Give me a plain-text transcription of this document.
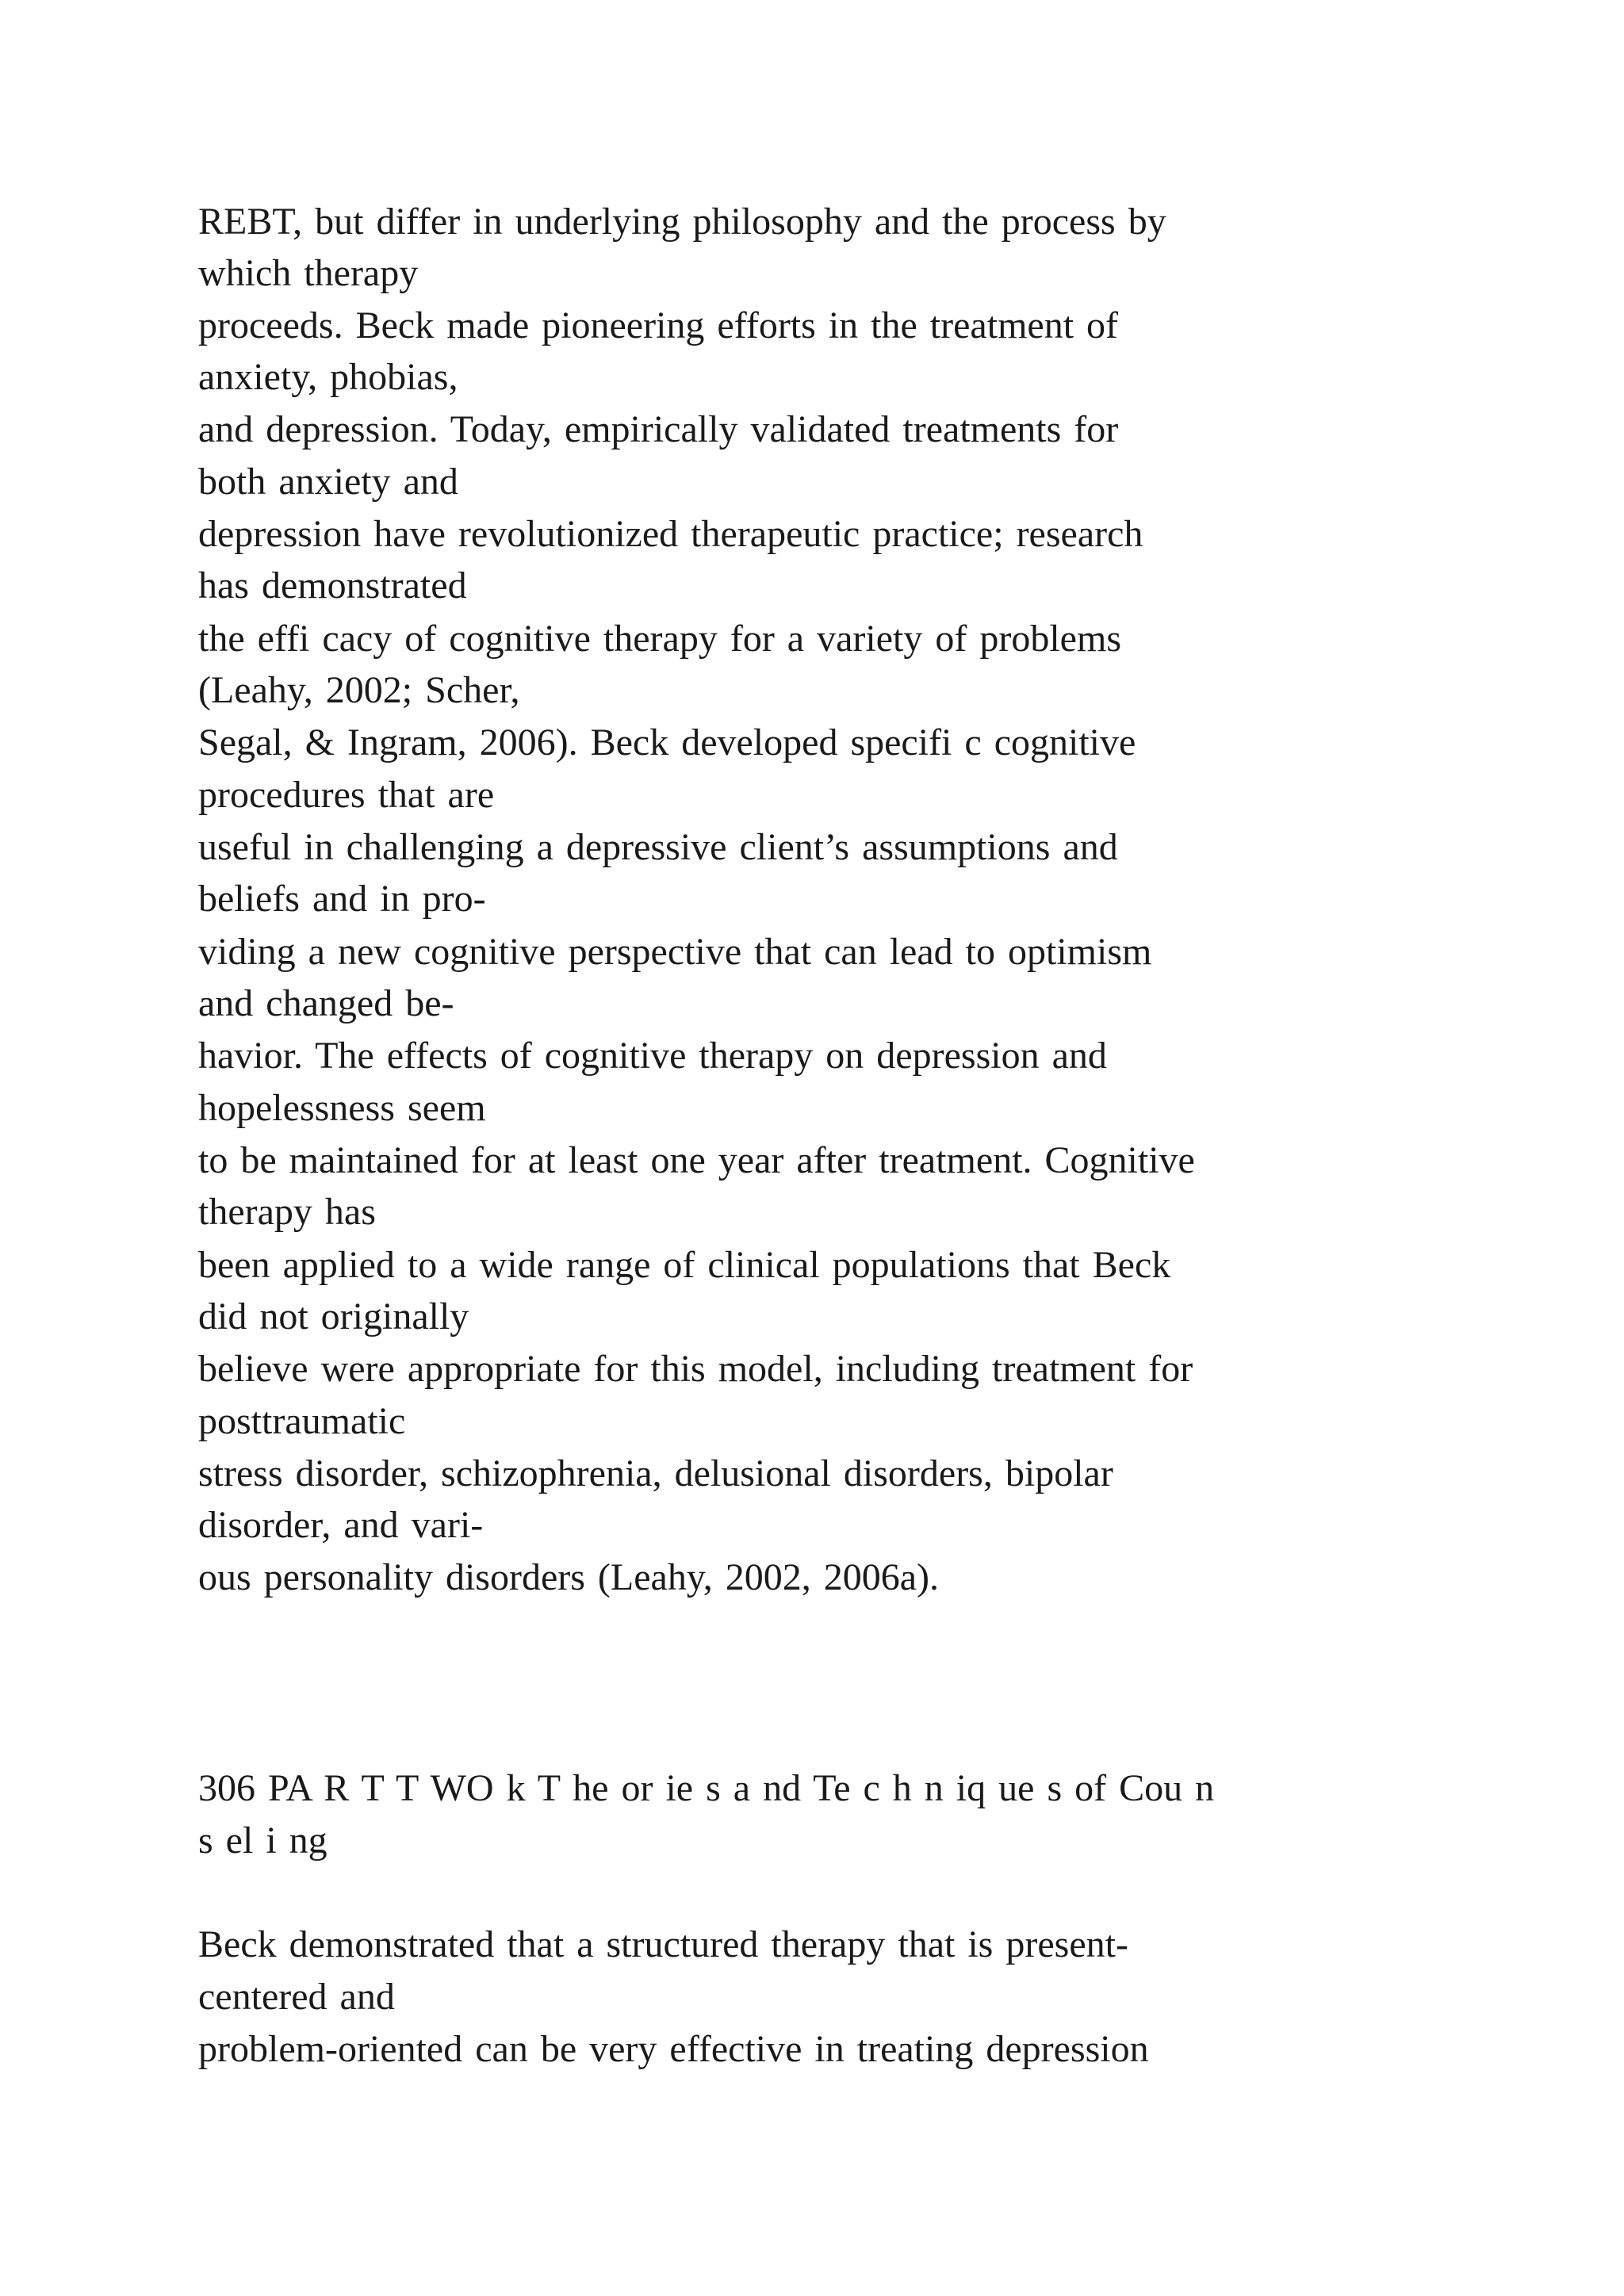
REBT, but differ in underlying philosophy and the process by

which therapy

proceeds. Beck made pioneering efforts in the treatment of

anxiety, phobias,

and depression. Today, empirically validated treatments for

both anxiety and

depression have revolutionized therapeutic practice; research

has demonstrated

the effi cacy of cognitive therapy for a variety of problems

(Leahy, 2002; Scher,

Segal, & Ingram, 2006). Beck developed specifi c cognitive

procedures that are

useful in challenging a depressive client’s assumptions and

beliefs and in pro-

viding a new cognitive perspective that can lead to optimism

and changed be-

havior. The effects of cognitive therapy on depression and

hopelessness seem

to be maintained for at least one year after treatment. Cognitive

therapy has

been applied to a wide range of clinical populations that Beck

did not originally

believe were appropriate for this model, including treatment for

posttraumatic

stress disorder, schizophrenia, delusional disorders, bipolar

disorder, and vari-

ous personality disorders (Leahy, 2002, 2006a).

306 PA R T T WO k T he or ie s a nd Te c h n iq ue s of Cou n

s el i ng

Beck demonstrated that a structured therapy that is present-

centered and

problem-oriented can be very effective in treating depression
